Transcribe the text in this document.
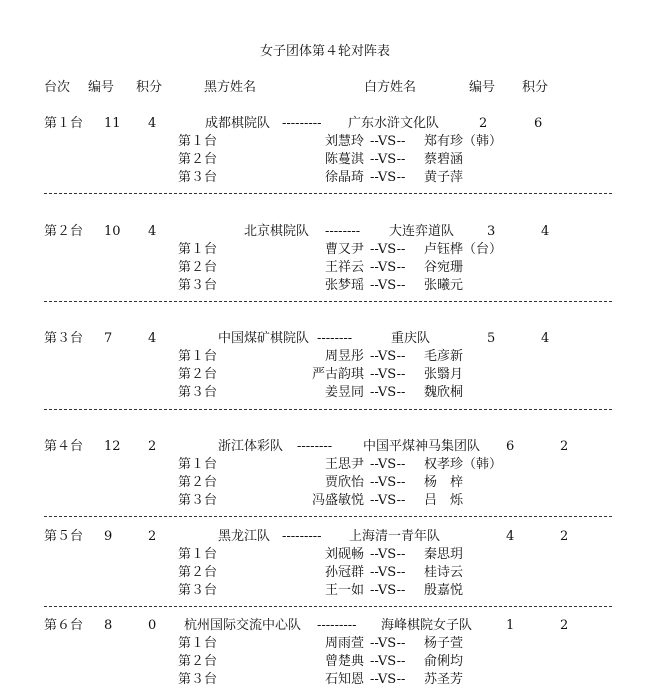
女子团体第４轮对阵表
台次 编号 积分	黑方姓名	白方姓名	编号 积分
第１台 11 4	成都棋院队 --------- 广东水浒文化队	2	6
第１台	刘慧玲 --VS-- 郑有珍（韩）
第２台	陈蔓淇 --VS-- 蔡碧涵
第３台	徐晶琦 --VS-- 黄子萍
第２台 10 4	北京棋院队 -------- 大连弈道队	3	4
第１台	曹又尹 --VS-- 卢钰桦（台）
第２台	王祥云 --VS-- 谷宛珊
第３台	张梦瑶 --VS-- 张曦元
第３台 7	4	中国煤矿棋院队 --------	重庆队	5	4
第１台	周昱彤 --VS-- 毛彦新
第２台	严古韵琪 --VS-- 张翳月
第３台	姜昱同 --VS-- 魏欣桐
第４台 12 2	浙江体彩队 -------- 中国平煤神马集团队 6	2
第１台	王思尹 --VS-- 权孝珍（韩）
第２台	贾欣怡 --VS-- 杨　梓
第３台	冯盛敏悦 --VS-- 吕　烁
第５台 9	2	黑龙江队 --------- 上海清一青年队	4	2
第１台	刘砚畅 --VS-- 秦思玥
第２台	孙冠群 --VS-- 桂诗云
第３台	王一如 --VS-- 殷嘉悦
第６台 8	0 杭州国际交流中心队 --------- 海峰棋院女子队	1	2
第１台	周雨萱 --VS-- 杨子萱
第２台	曾楚典 --VS-- 俞俐均
第３台	石知恩 --VS-- 苏圣芳
